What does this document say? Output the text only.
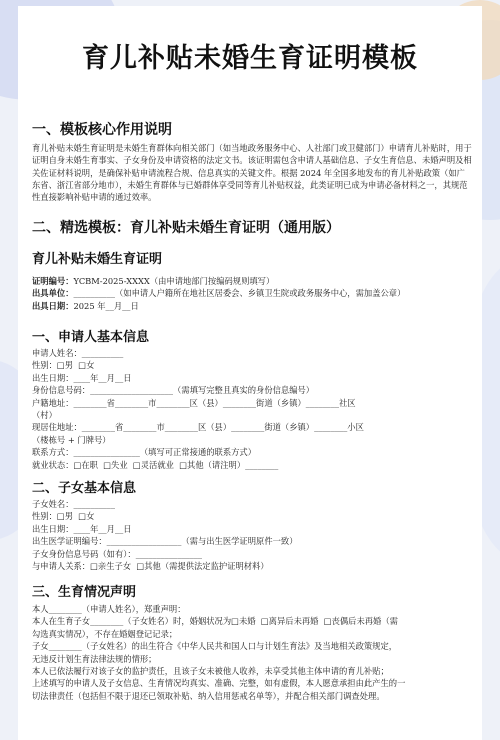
育儿补贴未婚生育证明模板
一、模板核心作用说明

育儿补贴未婚生育证明是未婚生育群体向相关部门（如当地政务服务中心、人社部门或卫健部门）申请育儿补贴时，用于证明自身未婚生育事实、子女身份及申请资格的法定文书。该证明需包含申请人基础信息、子女生育信息、未婚声明及相关佐证材料说明，是确保补贴申请流程合规、信息真实的关键文件。根据 2024 年全国多地发布的育儿补贴政策（如广东省、浙江省部分地市），未婚生育群体与已婚群体享受同等育儿补贴权益，此类证明已成为申请必备材料之一，其规范性直接影响补贴申请的通过效率。

二、精选模板：育儿补贴未婚生育证明（通用版）
育儿补贴未婚生育证明

证明编号：YCBM-2025-XXXX（由申请地部门按编码规则填写）

出具单位：__________（如申请人户籍所在地社区居委会、乡镇卫生院或政务服务中心，需加盖公章）

出具日期：2025 年__月__日

一、申请人基本信息

申请人姓名：__________

性别：□男  □女

出生日期：____年__月__日

身份信息号码：____________________（需填写完整且真实的身份信息编号）

户籍地址：________省________市________区（县）________街道（乡镇）________社区

（村）

现居住地址：________省________市________区（县）________街道（乡镇）________小区

（楼栋号 + 门牌号）

联系方式：________________（填写可正常接通的联系方式）

就业状态：□在职  □失业  □灵活就业  □其他（请注明）________

二、子女基本信息

子女姓名：__________

性别：□男  □女

出生日期：____年__月__日

出生医学证明编号：__________________（需与出生医学证明原件一致）

子女身份信息号码（如有）：________________

与申请人关系：□亲生子女  □其他（需提供法定监护证明材料）

三、生育情况声明

本人________（申请人姓名），郑重声明：

本人在生育子女________（子女姓名）时，婚姻状况为□未婚  □离异后未再婚  □丧偶后未再婚（需

勾选真实情况），不存在婚姻登记记录；

子女________（子女姓名）的出生符合《中华人民共和国人口与计划生育法》及当地相关政策规定，

无违反计划生育法律法规的情形；

本人已依法履行对该子女的监护责任，且该子女未被他人收养，未享受其他主体申请的育儿补贴；

上述填写的申请人及子女信息、生育情况均真实、准确、完整，如有虚假，本人愿意承担由此产生的一

切法律责任（包括但不限于退还已领取补贴、纳入信用惩戒名单等），并配合相关部门调查处理。
